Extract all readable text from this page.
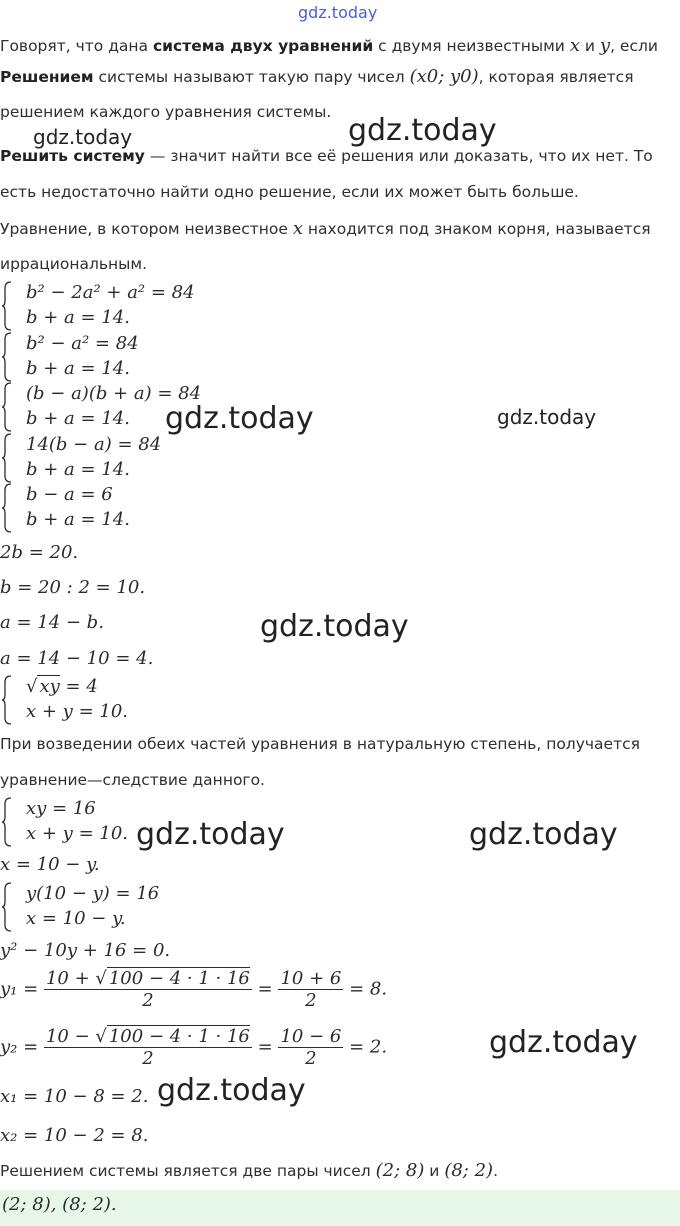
gdz.today
gdz.today	gdz.today
gdz.today	gdz.today
gdz.today
gdz.today	gdz.today
gdz.today
gdz.today
Говорят, что дана система двух уравнений с двумя неизвестными x и y, если
Решением системы называют такую пару чисел (x0; y0), которая является
решением каждого уравнения системы.
Решить систему — значит найти все её решения или доказать, что их нет. То
есть недостаточно найти одно решение, если их может быть больше.
Уравнение, в котором неизвестное x находится под знаком корня, называется
иррациональным.
b² − 2a² + a² = 84
b + a = 14.
b² − a² = 84
b + a = 14.
(b − a)(b + a) = 84
b + a = 14.
14(b − a) = 84
b + a = 14.
b − a = 6
b + a = 14.
2b = 20.
b = 20 : 2 = 10.
a = 14 − b.
a = 14 − 10 = 4.
√ xy = 4
x + y = 10.
При возведении обеих частей уравнения в натуральную степень, получается
уравнение—следствие данного.
xy = 16
x + y = 10.
x = 10 − y.
y(10 − y) = 16
x = 10 − y.
y² − 10y + 16 = 0.
$y_1 = \frac{10 + √ 100 - 4 \cdot 1 \cdot 16}{2} = \frac{10 + 6}{2} = 8$.
$y_2 = \frac{10 - √ 100 - 4 \cdot 1 \cdot 16}{2} = \frac{10 - 6}{2} = 2$.
x₁ = 10 − 8 = 2.
x₂ = 10 − 2 = 8.
Решением системы является две пары чисел (2; 8) и (8; 2).
(2; 8), (8; 2).
